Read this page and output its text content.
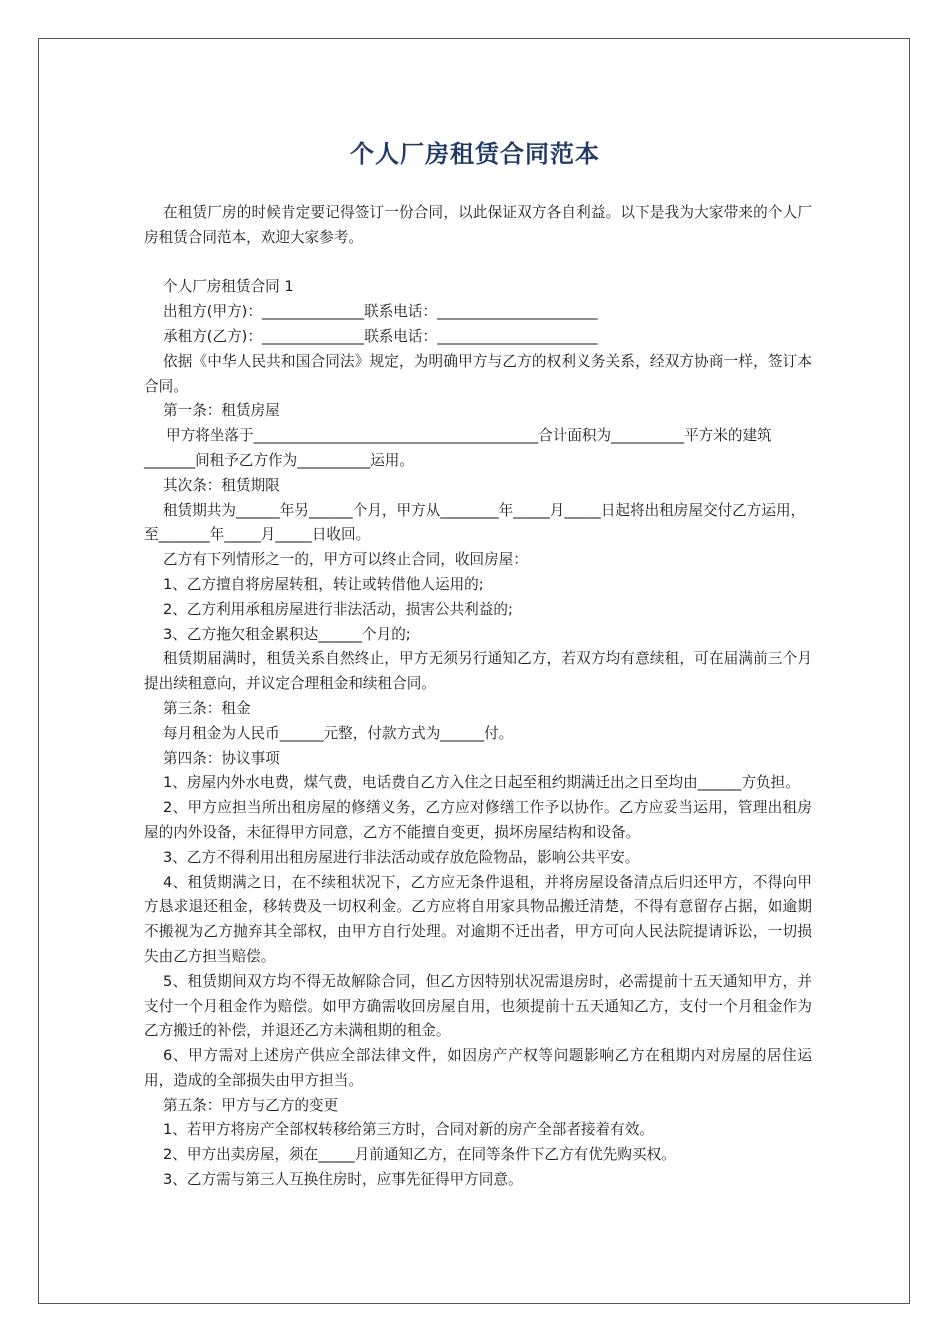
个人厂房租赁合同范本

在租赁厂房的时候肯定要记得签订一份合同，以此保证双方各自利益。以下是我为大家带来的个人厂房租赁合同范本，欢迎大家参考。

个人厂房租赁合同 1

出租方(甲方)：______________联系电话：______________________

承租方(乙方)：______________联系电话：______________________

依据《中华人民共和国合同法》规定，为明确甲方与乙方的权利义务关系，经双方协商一样，签订本合同。

第一条：租赁房屋

甲方将坐落于_______________________________________合计面积为__________平方米的建筑_______间租予乙方作为__________运用。

其次条：租赁期限

租赁期共为______年另______个月，甲方从________年_____月_____日起将出租房屋交付乙方运用，至_______年_____月_____日收回。

乙方有下列情形之一的，甲方可以终止合同，收回房屋：

1、乙方擅自将房屋转租，转让或转借他人运用的;

2、乙方利用承租房屋进行非法活动，损害公共利益的;

3、乙方拖欠租金累积达______个月的;

租赁期届满时，租赁关系自然终止，甲方无须另行通知乙方，若双方均有意续租，可在届满前三个月提出续租意向，并议定合理租金和续租合同。

第三条：租金

每月租金为人民币______元整，付款方式为______付。

第四条：协议事项

1、房屋内外水电费，煤气费，电话费自乙方入住之日起至租约期满迁出之日至均由______方负担。

2、甲方应担当所出租房屋的修缮义务，乙方应对修缮工作予以协作。乙方应妥当运用，管理出租房屋的内外设备，未征得甲方同意，乙方不能擅自变更，损坏房屋结构和设备。

3、乙方不得利用出租房屋进行非法活动或存放危险物品，影响公共平安。

4、租赁期满之日，在不续租状况下，乙方应无条件退租，并将房屋设备清点后归还甲方，不得向甲方恳求退还租金，移转费及一切权利金。乙方应将自用家具物品搬迁清楚，不得有意留存占据，如逾期不搬视为乙方抛弃其全部权，由甲方自行处理。对逾期不迁出者，甲方可向人民法院提请诉讼，一切损失由乙方担当赔偿。

5、租赁期间双方均不得无故解除合同，但乙方因特别状况需退房时，必需提前十五天通知甲方，并支付一个月租金作为赔偿。如甲方确需收回房屋自用，也须提前十五天通知乙方，支付一个月租金作为乙方搬迁的补偿，并退还乙方未满租期的租金。

6、甲方需对上述房产供应全部法律文件，如因房产产权等问题影响乙方在租期内对房屋的居住运用，造成的全部损失由甲方担当。

第五条：甲方与乙方的变更

1、若甲方将房产全部权转移给第三方时，合同对新的房产全部者接着有效。

2、甲方出卖房屋，须在_____月前通知乙方，在同等条件下乙方有优先购买权。

3、乙方需与第三人互换住房时，应事先征得甲方同意。
